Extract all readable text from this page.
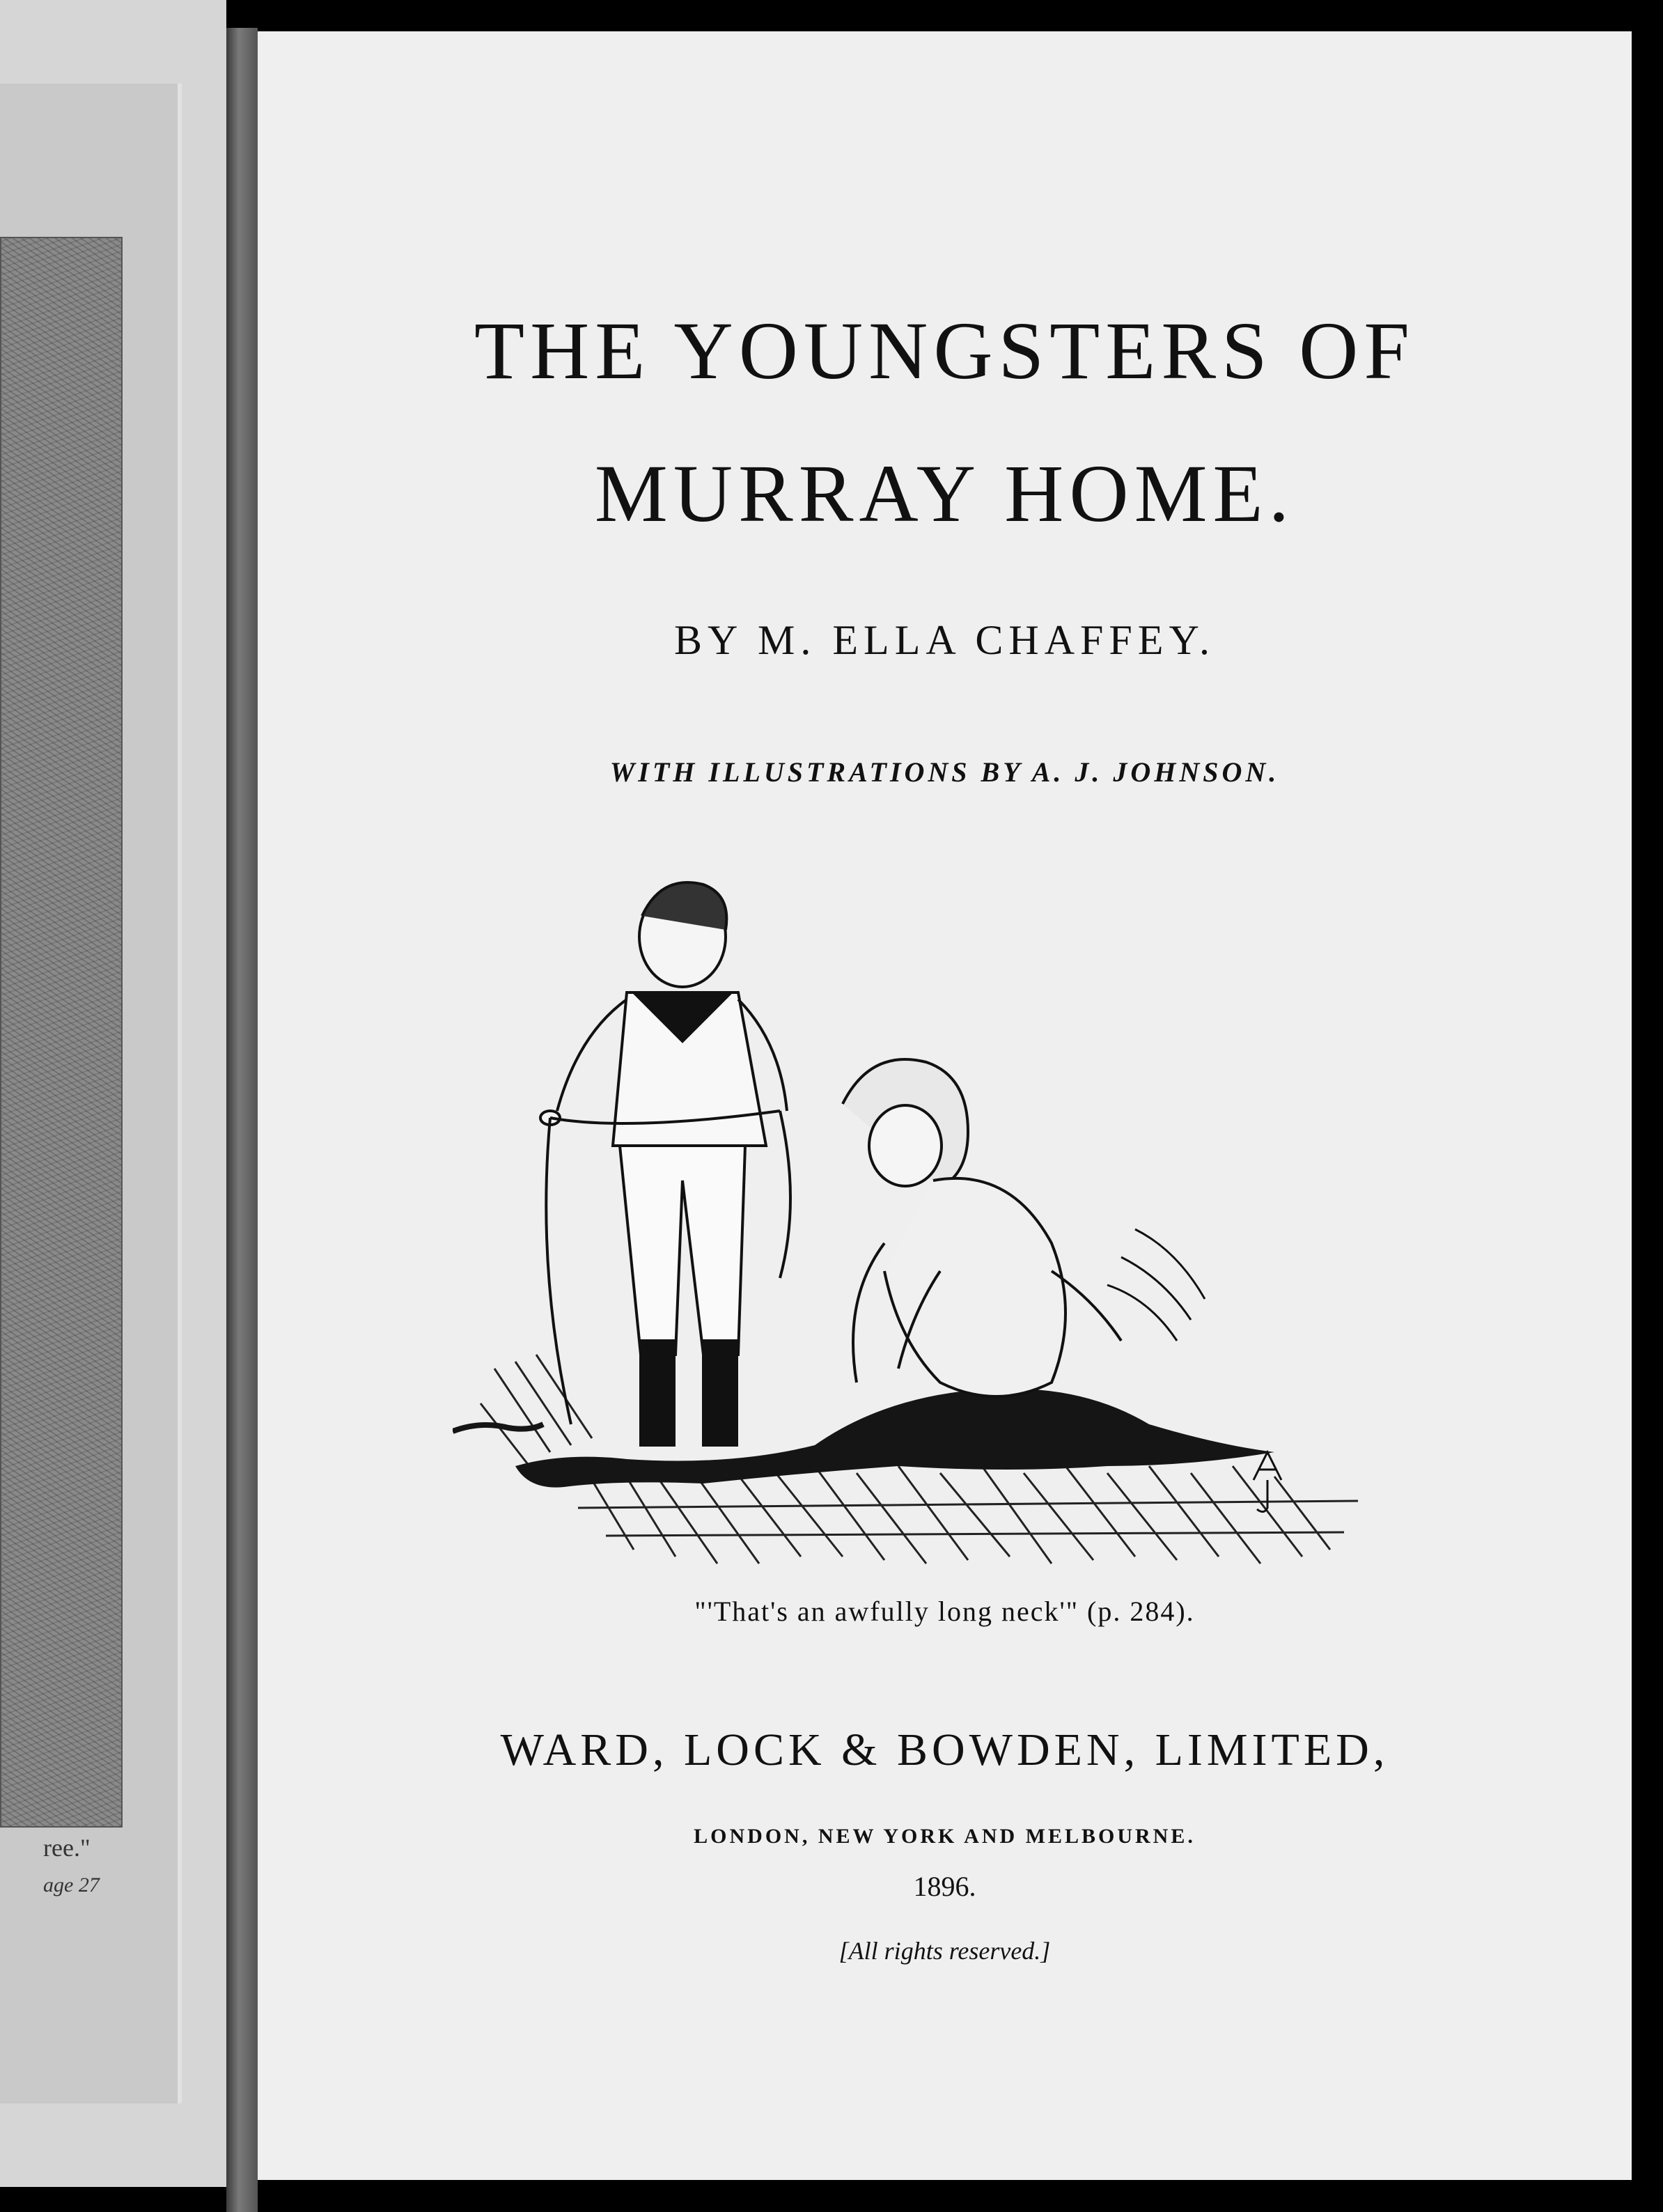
ree."
age 27
THE YOUNGSTERS OF
MURRAY HOME.
BY M. ELLA CHAFFEY.
WITH ILLUSTRATIONS BY A. J. JOHNSON.
"'That's an awfully long neck'" (p. 284).
WARD, LOCK & BOWDEN, LIMITED,
LONDON, NEW YORK AND MELBOURNE.
1896.
[All rights reserved.]
